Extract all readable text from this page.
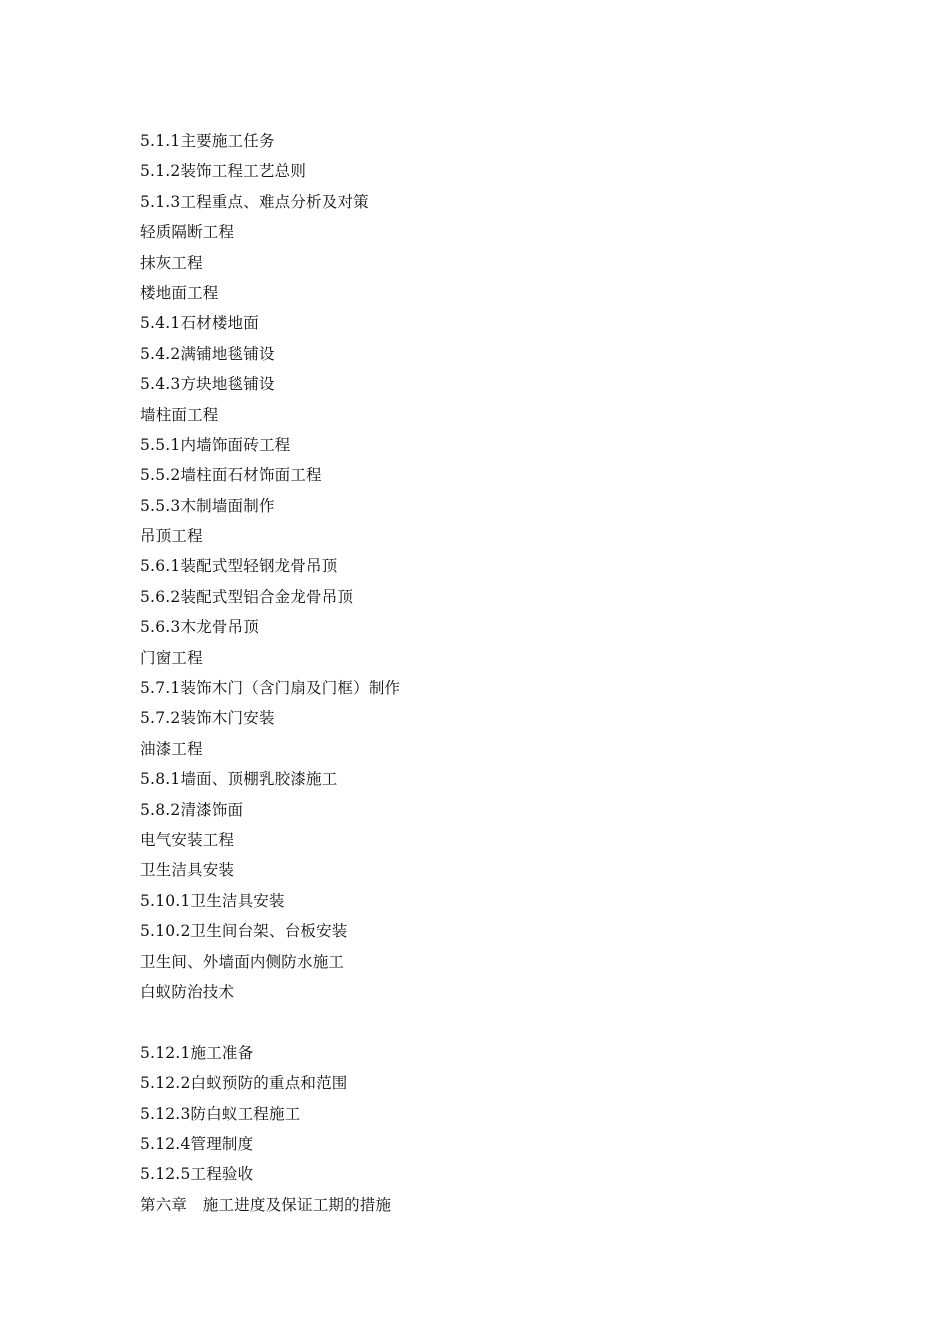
5.1.1主要施工任务
5.1.2装饰工程工艺总则
5.1.3工程重点、难点分析及对策
轻质隔断工程
抹灰工程
楼地面工程
5.4.1石材楼地面
5.4.2满铺地毯铺设
5.4.3方块地毯铺设
墙柱面工程
5.5.1内墙饰面砖工程
5.5.2墙柱面石材饰面工程
5.5.3木制墙面制作
吊顶工程
5.6.1装配式型轻钢龙骨吊顶
5.6.2装配式型铝合金龙骨吊顶
5.6.3木龙骨吊顶
门窗工程
5.7.1装饰木门（含门扇及门框）制作
5.7.2装饰木门安装
油漆工程
5.8.1墙面、顶棚乳胶漆施工
5.8.2清漆饰面
电气安装工程
卫生洁具安装
5.10.1卫生洁具安装
5.10.2卫生间台架、台板安装
卫生间、外墙面内侧防水施工
白蚁防治技术
5.12.1施工准备
5.12.2白蚁预防的重点和范围
5.12.3防白蚁工程施工
5.12.4管理制度
5.12.5工程验收
第六章　施工进度及保证工期的措施
